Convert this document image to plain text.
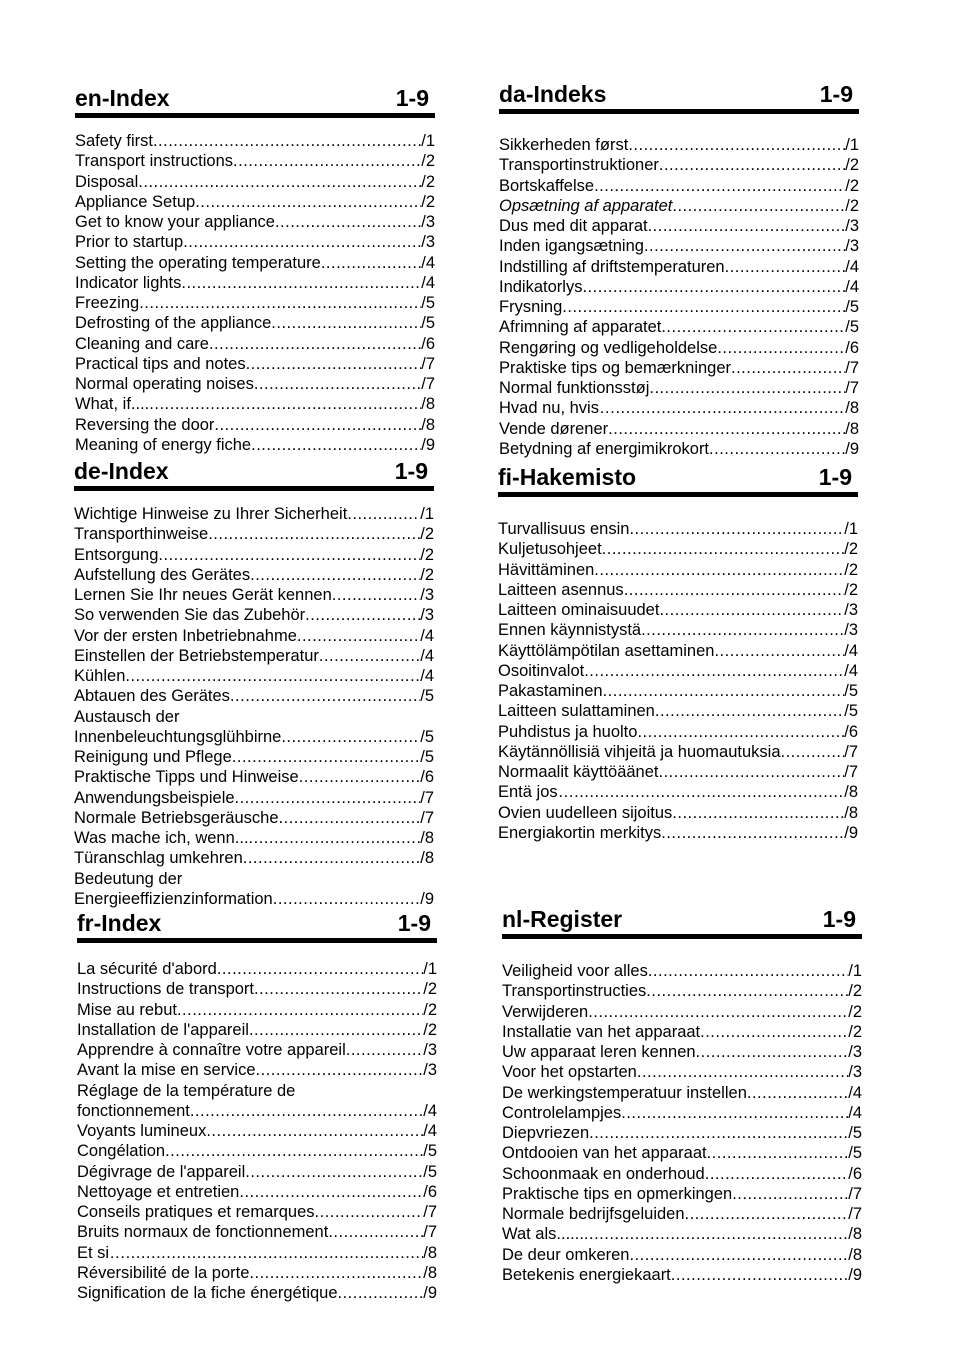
en-Index	1-9
Safety first .....	/1
Transport instructions .....	/2
Disposal .....	/2
Appliance Setup .....	/2
Get to know your appliance .....	/3
Prior to startup .....	/3
Setting the operating temperature .....	/4
Indicator lights .....	/4
Freezing .....	/5
Defrosting of the appliance .....	/5
Cleaning and care .....	/6
Practical tips and notes .....	/7
Normal operating noises .....	/7
What, if.... .....	/8
Reversing the door .....	/8
Meaning of energy fiche .....	/9
de-Index	1-9
Wichtige Hinweise zu Ihrer Sicherheit .....	/1
Transporthinweise .....	/2
Entsorgung .....	/2
Aufstellung des Gerätes .....	/2
Lernen Sie Ihr neues Gerät kennen .....	/3
So verwenden Sie das Zubehör .....	/3
Vor der ersten Inbetriebnahme .....	/4
Einstellen der Betriebstemperatur .....	/4
Kühlen .....	/4
Abtauen des Gerätes .....	/5
Austausch der
Innenbeleuchtungsglühbirne .....	/5
Reinigung und Pflege .....	/5
Praktische Tipps und Hinweise .....	/6
Anwendungsbeispiele .....	/7
Normale Betriebsgeräusche .....	/7
Was mache ich, wenn... .....	/8
Türanschlag umkehren .....	/8
Bedeutung der
Energieeffizienzinformation .....	/9
fr-Index	1-9
La sécurité d'abord .....	/1
Instructions de transport .....	/2
Mise au rebut .....	/2
Installation de l'appareil .....	/2
Apprendre à connaître votre appareil .....	/3
Avant la mise en service .....	/3
Réglage de la température de
fonctionnement .....	/4
Voyants lumineux .....	/4
Congélation .....	/5
Dégivrage de l'appareil .....	/5
Nettoyage et entretien .....	/6
Conseils pratiques et remarques .....	/7
Bruits normaux de fonctionnement .....	/7
Et si… .....	/8
Réversibilité de la porte .....	/8
Signification de la fiche énergétique .....	/9
da-Indeks	1-9
Sikkerheden først .....	/1
Transportinstruktioner .....	/2
Bortskaffelse .....	/2
Opsætning af apparatet .....	/2
Dus med dit apparat .....	/3
Inden igangsætning .....	/3
Indstilling af driftstemperaturen .....	/4
Indikatorlys .....	/4
Frysning .....	/5
Afrimning af apparatet .....	/5
Rengøring og vedligeholdelse .....	/6
Praktiske tips og bemærkninger .....	/7
Normal funktionsstøj .....	/7
Hvad nu, hvis… .....	/8
Vende dørener .....	/8
Betydning af energimikrokort .....	/9
fi-Hakemisto	1-9
Turvallisuus ensin .....	/1
Kuljetusohjeet .....	/2
Hävittäminen .....	/2
Laitteen asennus .....	/2
Laitteen ominaisuudet .....	/3
Ennen käynnistystä .....	/3
Käyttölämpötilan asettaminen .....	/4
Osoitinvalot .....	/4
Pakastaminen .....	/5
Laitteen sulattaminen .....	/5
Puhdistus ja huolto .....	/6
Käytännöllisiä vihjeitä ja huomautuksia .....	/7
Normaalit käyttöäänet .....	/7
Entä jos… .....	/8
Ovien uudelleen sijoitus .....	/8
Energiakortin merkitys .....	/9
nl-Register	1-9
Veiligheid voor alles .....	/1
Transportinstructies .....	/2
Verwijderen .....	/2
Installatie van het apparaat .....	/2
Uw apparaat leren kennen .....	/3
Voor het opstarten .....	/3
De werkingstemperatuur instellen .....	/4
Controlelampjes .....	/4
Diepvriezen .....	/5
Ontdooien van het apparaat .....	/5
Schoonmaak en onderhoud .....	/6
Praktische tips en opmerkingen .....	/7
Normale bedrijfsgeluiden .....	/7
Wat als...... .....	/8
De deur omkeren .....	/8
Betekenis energiekaart .....	/9
